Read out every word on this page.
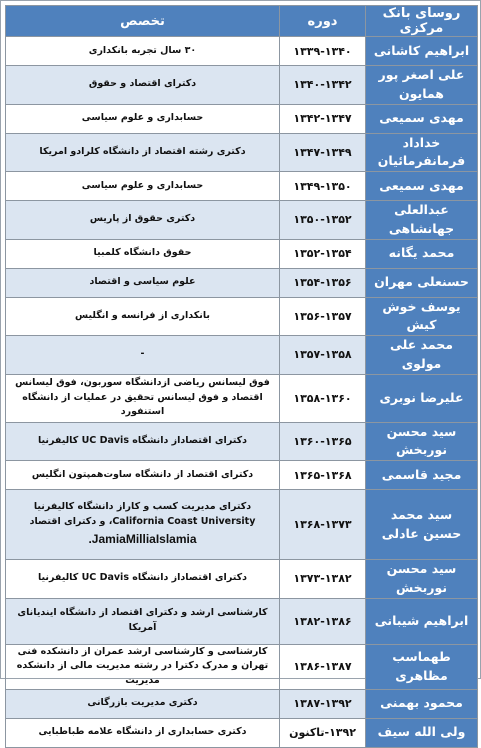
روسای بانک مرکزی	دوره	تخصص
ابراهیم کاشانی	۱۳۳۹-۱۳۴۰	۳۰ سال تجربه بانکداری
علی اصغر پور همایون	۱۳۴۰-۱۳۴۲	دکترای اقتصاد و حقوق
مهدی سمیعی	۱۳۴۲-۱۳۴۷	حسابداری و علوم سیاسی
خداداد فرمانفرمائیان	۱۳۴۷-۱۳۴۹	دکتری رشته اقتصاد از دانشگاه کلرادو امریکا
مهدی سمیعی	۱۳۴۹-۱۳۵۰	حسابداری و علوم سیاسی
عبدالعلی جهانشاهی	۱۳۵۰-۱۳۵۲	دکتری حقوق از پاریس
محمد یگانه	۱۳۵۲-۱۳۵۴	حقوق دانشگاه کلمبیا
حسنعلی مهران	۱۳۵۴-۱۳۵۶	علوم سیاسی و اقتصاد
یوسف خوش کیش	۱۳۵۶-۱۳۵۷	بانکداری از فرانسه و انگلیس
محمد علی مولوی	۱۳۵۷-۱۳۵۸	-
علیرضا نوبری	۱۳۵۸-۱۳۶۰	فوق لیسانس ریاضی ازدانشگاه سوربون، فوق لیسانس اقتصاد و فوق لیسانس تحقیق در عملیات از دانشگاه استنفورد
سید محسن نوربخش	۱۳۶۰-۱۳۶۵	دکترای اقتصاداز دانشگاه UC Davis کالیفرنیا
مجید قاسمی	۱۳۶۵-۱۳۶۸	دکترای اقتصاد از دانشگاه ساوت‌همپتون انگلیس
سید محمد حسین عادلی	۱۳۶۸-۱۳۷۳	دکترای مدیریت کسب و کاراز دانشگاه کالیفرنیا California Coast University، و دکترای اقتصاد
JamiaMilliaIslamia.
سید محسن نوربخش	۱۳۷۳-۱۳۸۲	دکترای اقتصاداز دانشگاه UC Davis کالیفرنیا
ابراهیم شیبانی	۱۳۸۲-۱۳۸۶	کارشناسی ارشد و دکترای اقتصاد از دانشگاه ایندیانای آمریکا
طهماسب مظاهری	۱۳۸۶-۱۳۸۷	کارشناسی و کارشناسی ارشد عمران از دانشکده فنی تهران و مدرک دکترا در رشته مدیریت مالی از دانشکده مدیریت
محمود بهمنی	۱۳۸۷-۱۳۹۲	دکتری مدیریت بازرگانی
ولی الله سیف	۱۳۹۲-تاکنون	دکتری حسابداری از دانشگاه علامه طباطبایی
